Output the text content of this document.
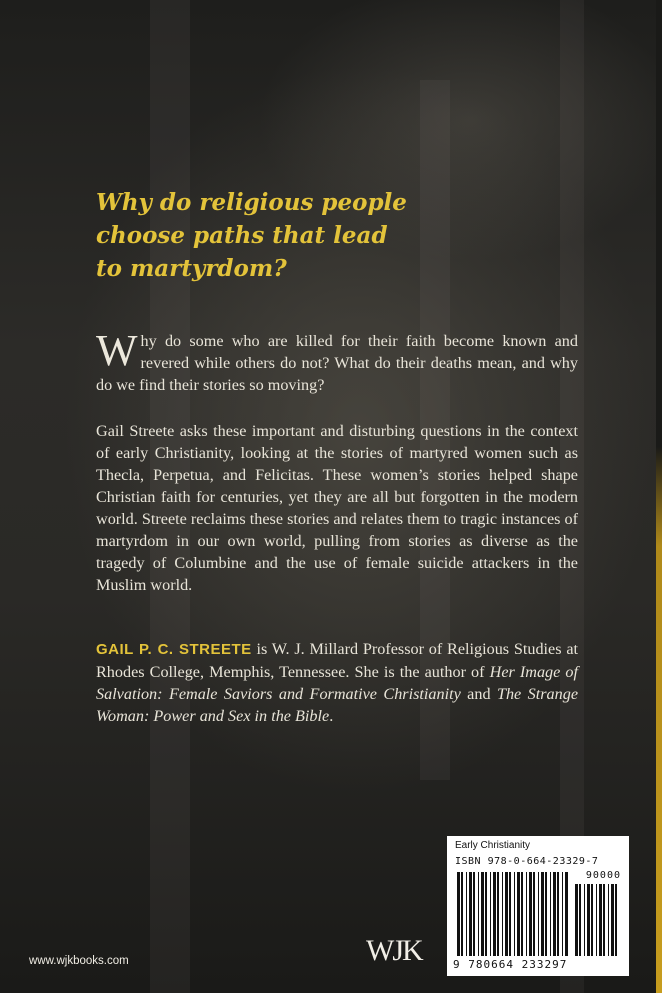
Why do religious people
choose paths that lead
to martyrdom?
Why do some who are killed for their faith become known and revered while others do not? What do their deaths mean, and why do we find their stories so moving?
Gail Streete asks these important and disturbing questions in the context of early Christianity, looking at the stories of martyred women such as Thecla, Perpetua, and Felicitas. These women’s stories helped shape Christian faith for centuries, yet they are all but forgotten in the modern world. Streete reclaims these stories and relates them to tragic instances of martyrdom in our own world, pulling from stories as diverse as the tragedy of Columbine and the use of female suicide attackers in the Muslim world.
GAIL P. C. STREETE is W. J. Millard Professor of Religious Studies at Rhodes College, Memphis, Tennessee. She is the author of Her Image of Salvation: Female Saviors and Formative Christianity and The Strange Woman: Power and Sex in the Bible.
Early Christianity
ISBN 978-0-664-23329-7
90000
9 780664 233297
www.wjkbooks.com	WJK
